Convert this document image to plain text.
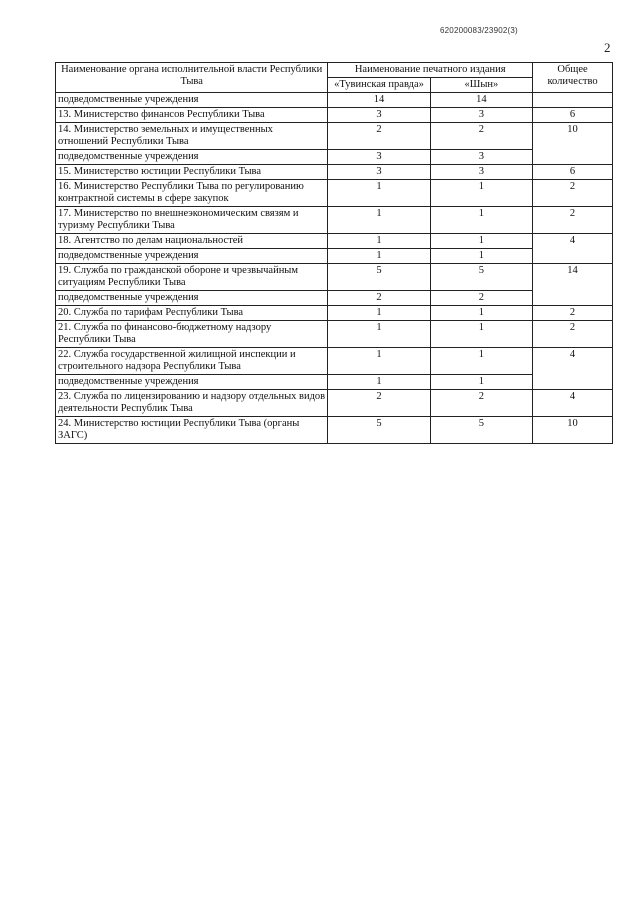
620200083/23902(3)
2
Наименование органа исполнительной власти Республики Тыва	Наименование печатного издания		Общее количество
	«Тувинская правда»	«Шын»	
подведомственные учреждения	14	14	
13. Министерство финансов Республики Тыва	3	3	6
14. Министерство земельных и имущественных отношений Республики Тыва	2	2	10
подведомственные учреждения	3	3	
15. Министерство юстиции Республики Тыва	3	3	6
16. Министерство Республики Тыва по регулированию контрактной системы в сфере закупок	1	1	2
17. Министерство по внешнеэкономическим связям и туризму Республики Тыва	1	1	2
18. Агентство по делам национальностей	1	1	4
подведомственные учреждения	1	1	
19. Служба по гражданской обороне и чрезвычайным ситуациям Республики Тыва	5	5	14
подведомственные учреждения	2	2	
20. Служба по тарифам Республики Тыва	1	1	2
21. Служба по финансово-бюджетному надзору Республики Тыва	1	1	2
22. Служба государственной жилищной инспекции и строительного надзора Республики Тыва	1	1	4
подведомственные учреждения	1	1	
23. Служба по лицензированию и надзору отдельных видов деятельности Республик Тыва	2	2	4
24. Министерство юстиции Республики Тыва (органы ЗАГС)	5	5	10
